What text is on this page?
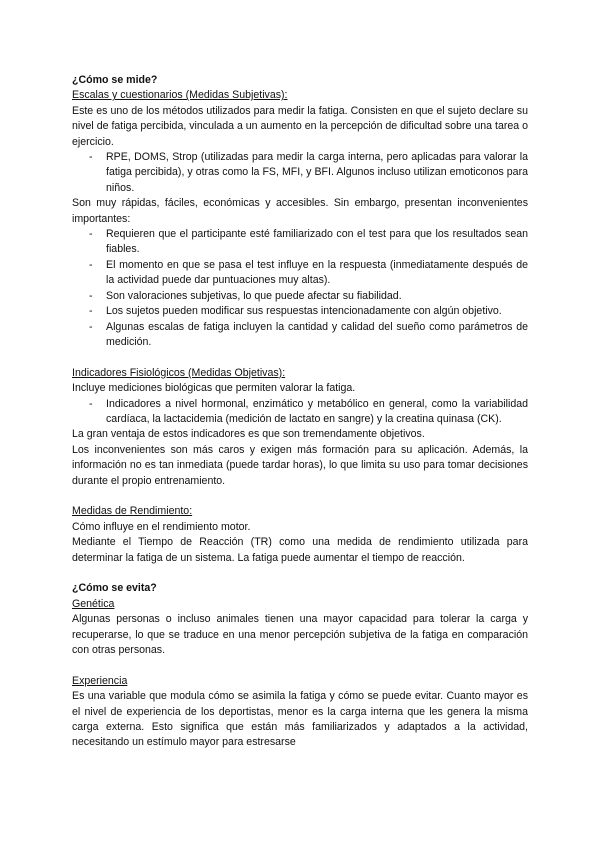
¿Cómo se mide?

Escalas y cuestionarios (Medidas Subjetivas):

Este es uno de los métodos utilizados para medir la fatiga. Consisten en que el sujeto declare su nivel de fatiga percibida, vinculada a un aumento en la percepción de dificultad sobre una tarea o ejercicio.

- RPE, DOMS, Strop (utilizadas para medir la carga interna, pero aplicadas para valorar la fatiga percibida), y otras como la FS, MFI, y BFI. Algunos incluso utilizan emoticonos para niños.

Son muy rápidas, fáciles, económicas y accesibles. Sin embargo, presentan inconvenientes importantes:

- Requieren que el participante esté familiarizado con el test para que los resultados sean fiables.
- El momento en que se pasa el test influye en la respuesta (inmediatamente después de la actividad puede dar puntuaciones muy altas).
- Son valoraciones subjetivas, lo que puede afectar su fiabilidad.
- Los sujetos pueden modificar sus respuestas intencionadamente con algún objetivo.
- Algunas escalas de fatiga incluyen la cantidad y calidad del sueño como parámetros de medición.

Indicadores Fisiológicos (Medidas Objetivas):

Incluye mediciones biológicas que permiten valorar la fatiga.

- Indicadores a nivel hormonal, enzimático y metabólico en general, como la variabilidad cardíaca, la lactacidemia (medición de lactato en sangre) y la creatina quinasa (CK).

La gran ventaja de estos indicadores es que son tremendamente objetivos.

Los inconvenientes son más caros y exigen más formación para su aplicación. Además, la información no es tan inmediata (puede tardar horas), lo que limita su uso para tomar decisiones durante el propio entrenamiento.

Medidas de Rendimiento:

Cómo influye en el rendimiento motor.

Mediante el Tiempo de Reacción (TR) como una medida de rendimiento utilizada para determinar la fatiga de un sistema. La fatiga puede aumentar el tiempo de reacción.

¿Cómo se evita?

Genética

Algunas personas o incluso animales tienen una mayor capacidad para tolerar la carga y recuperarse, lo que se traduce en una menor percepción subjetiva de la fatiga en comparación con otras personas.

Experiencia

Es una variable que modula cómo se asimila la fatiga y cómo se puede evitar. Cuanto mayor es el nivel de experiencia de los deportistas, menor es la carga interna que les genera la misma carga externa. Esto significa que están más familiarizados y adaptados a la actividad, necesitando un estímulo mayor para estresarse
